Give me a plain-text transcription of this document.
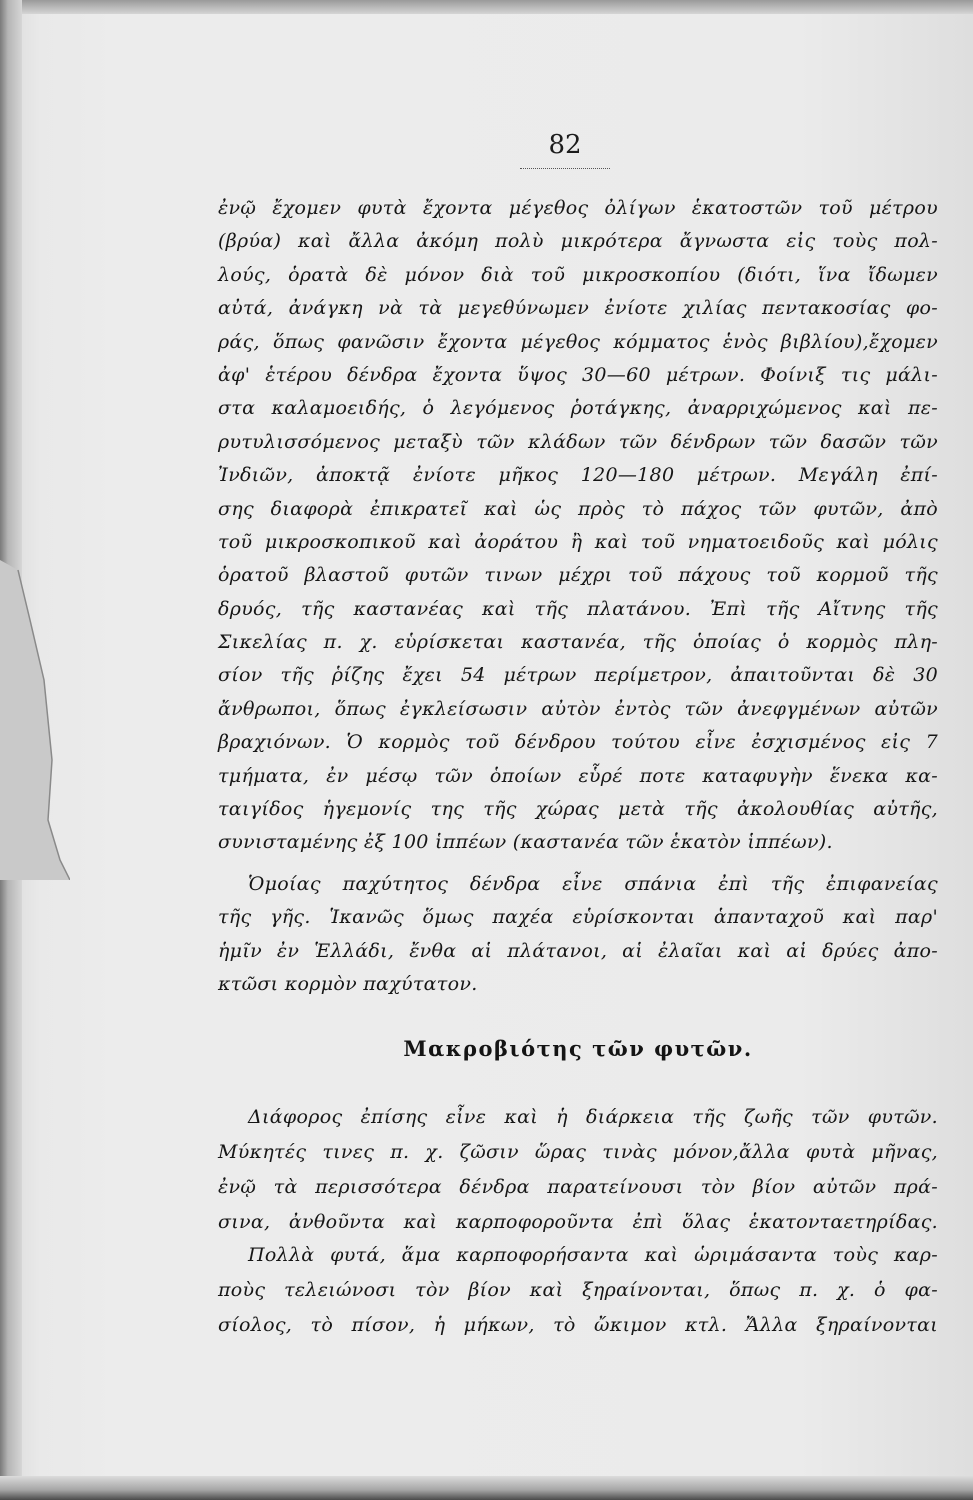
82
ἐνῷ ἔχομεν φυτὰ ἔχοντα μέγεθος ὀλίγων ἑκατοστῶν τοῦ μέτρου
(βρύα) καὶ ἄλλα ἀκόμη πολὺ μικρότερα ἄγνωστα εἰς τοὺς πολ-
λούς, ὁρατὰ δὲ μόνον διὰ τοῦ μικροσκοπίου (διότι, ἵνα ἴδωμεν
αὐτά, ἀνάγκη νὰ τὰ μεγεθύνωμεν ἐνίοτε χιλίας πεντακοσίας φο-
ράς, ὅπως φανῶσιν ἔχοντα μέγεθος κόμματος ἑνὸς βιβλίου),ἔχομεν
ἀφ' ἑτέρου δένδρα ἔχοντα ὕψος 30—60 μέτρων. Φοίνιξ τις μάλι-
στα καλαμοειδής, ὁ λεγόμενος ῥοτάγκης, ἀναρριχώμενος καὶ πε-
ρυτυλισσόμενος μεταξὺ τῶν κλάδων τῶν δένδρων τῶν δασῶν τῶν
Ἰνδιῶν, ἀποκτᾷ ἐνίοτε μῆκος 120—180 μέτρων. Μεγάλη ἐπί-
σης διαφορὰ ἐπικρατεῖ καὶ ὡς πρὸς τὸ πάχος τῶν φυτῶν, ἀπὸ
τοῦ μικροσκοπικοῦ καὶ ἀοράτου ἢ καὶ τοῦ νηματοειδοῦς καὶ μόλις
ὁρατοῦ βλαστοῦ φυτῶν τινων μέχρι τοῦ πάχους τοῦ κορμοῦ τῆς
δρυός, τῆς καστανέας καὶ τῆς πλατάνου. Ἐπὶ τῆς Αἴτνης τῆς
Σικελίας π. χ. εὑρίσκεται καστανέα, τῆς ὁποίας ὁ κορμὸς πλη-
σίον τῆς ῥίζης ἔχει 54 μέτρων περίμετρον, ἀπαιτοῦνται δὲ 30
ἄνθρωποι, ὅπως ἐγκλείσωσιν αὐτὸν ἐντὸς τῶν ἀνεφγμένων αὐτῶν
βραχιόνων. Ὁ κορμὸς τοῦ δένδρου τούτου εἶνε ἐσχισμένος εἰς 7
τμήματα, ἐν μέσῳ τῶν ὁποίων εὗρέ ποτε καταφυγὴν ἕνεκα κα-
ταιγίδος ἡγεμονίς της τῆς χώρας μετὰ τῆς ἀκολουθίας αὐτῆς,
συνισταμένης ἐξ 100 ἱππέων (καστανέα τῶν ἑκατὸν ἱππέων).
Ὁμοίας παχύτητος δένδρα εἶνε σπάνια ἐπὶ τῆς ἐπιφανείας
τῆς γῆς. Ἱκανῶς ὅμως παχέα εὑρίσκονται ἁπανταχοῦ καὶ παρ'
ἡμῖν ἐν Ἑλλάδι, ἔνθα αἱ πλάτανοι, αἱ ἐλαῖαι καὶ αἱ δρύες ἀπο-
κτῶσι κορμὸν παχύτατον.
Μακροβιότης τῶν φυτῶν.
Διάφορος ἐπίσης εἶνε καὶ ἡ διάρκεια τῆς ζωῆς τῶν φυτῶν.
Μύκητές τινες π. χ. ζῶσιν ὥρας τινὰς μόνον,ἄλλα φυτὰ μῆνας,
ἐνῷ τὰ περισσότερα δένδρα παρατείνουσι τὸν βίον αὐτῶν πρά-
σινα, ἀνθοῦντα καὶ καρποφοροῦντα ἐπὶ ὅλας ἑκατονταετηρίδας.
Πολλὰ φυτά, ἅμα καρποφορήσαντα καὶ ὡριμάσαντα τοὺς καρ-
ποὺς τελειώνοσι τὸν βίον καὶ ξηραίνονται, ὅπως π. χ. ὁ φα-
σίολος, τὸ πίσον, ἡ μήκων, τὸ ὤκιμον κτλ. Ἄλλα ξηραίνονται
